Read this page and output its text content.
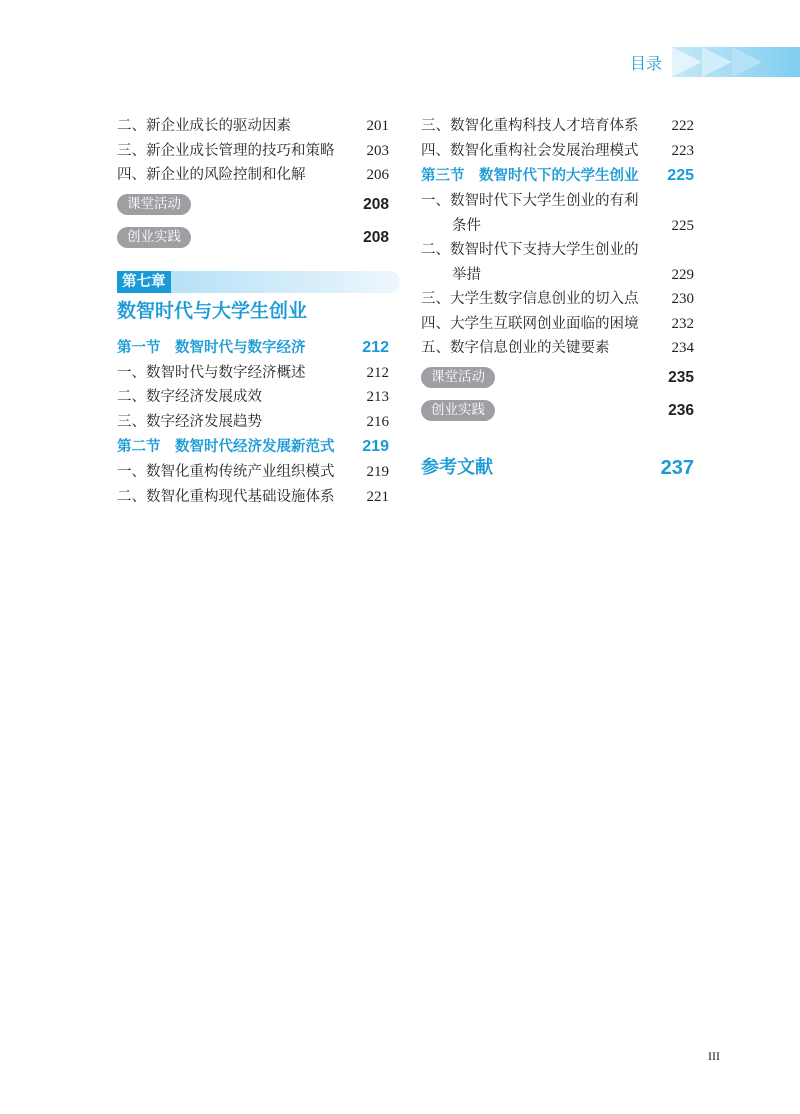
目录
二、新企业成长的驱动因素	201
三、新企业成长管理的技巧和策略 203
四、新企业的风险控制和化解	206
课堂活动	208
创业实践	208
第七章
数智时代与大学生创业
第一节　数智时代与数字经济	212
一、数智时代与数字经济概述	212
二、数字经济发展成效	213
三、数字经济发展趋势	216
第二节　数智时代经济发展新范式 219
一、数智化重构传统产业组织模式 219
二、数智化重构现代基础设施体系 221
三、数智化重构科技人才培育体系 222
四、数智化重构社会发展治理模式 223
第三节　数智时代下的大学生创业 225
一、数智时代下大学生创业的有利
条件	225
二、数智时代下支持大学生创业的
举措	229
三、大学生数字信息创业的切入点 230
四、大学生互联网创业面临的困境 232
五、数字信息创业的关键要素	234
课堂活动	235
创业实践	236
参考文献	237
III
